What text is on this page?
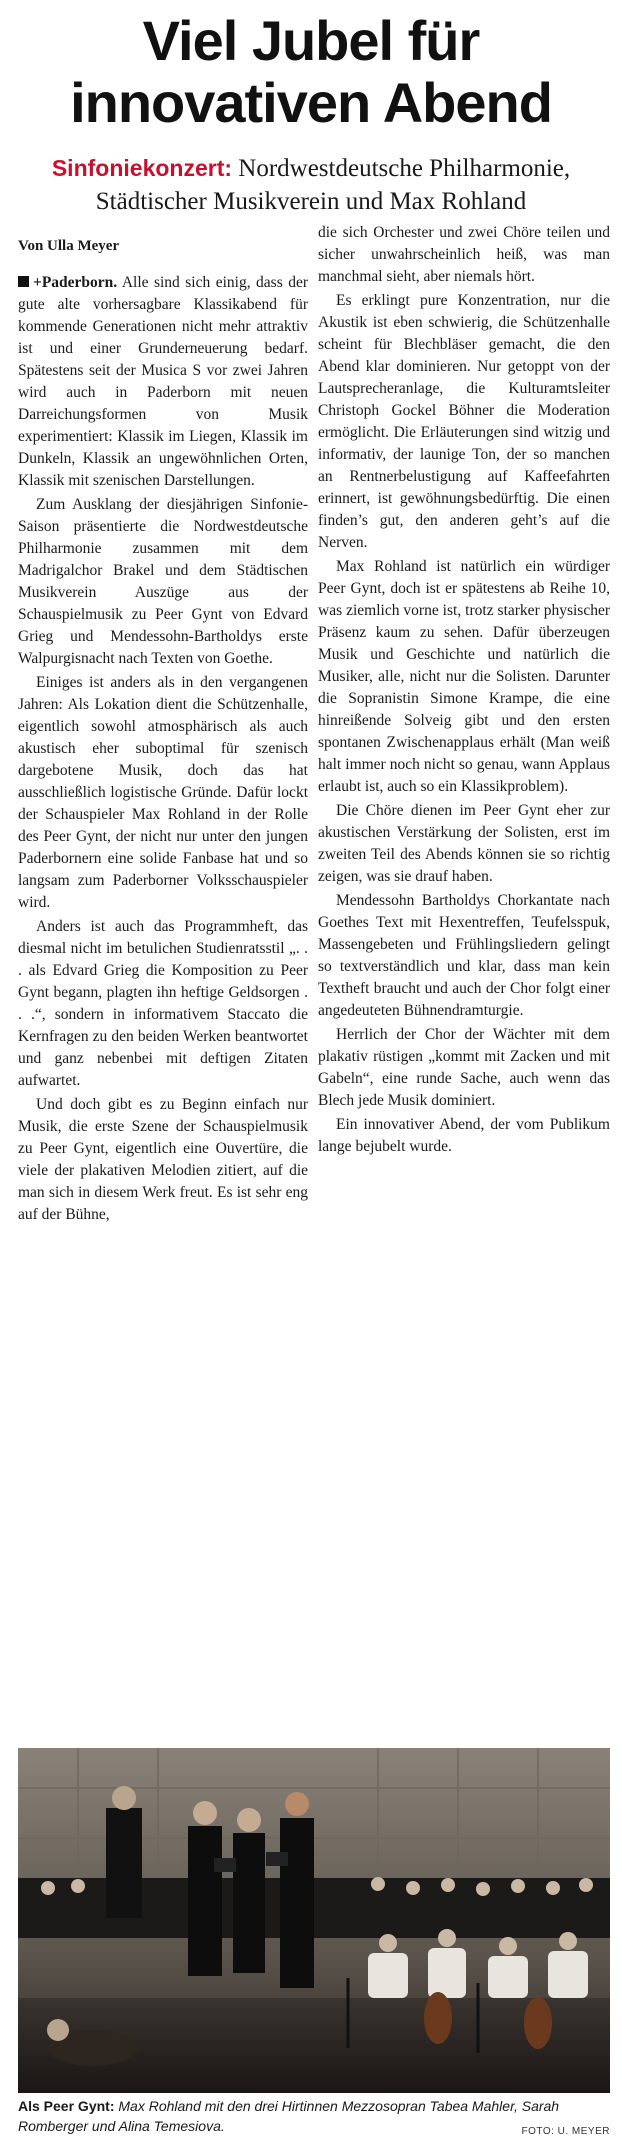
Viel Jubel für innovativen Abend
Sinfoniekonzert: Nordwestdeutsche Philharmonie, Städtischer Musikverein und Max Rohland
Von Ulla Meyer

+Paderborn. Alle sind sich einig, dass der gute alte vorhersagbare Klassikabend für kommende Generationen nicht mehr attraktiv ist und einer Grunderneuerung bedarf. Spätestens seit der Musica S vor zwei Jahren wird auch in Paderborn mit neuen Darreichungsformen von Musik experimentiert: Klassik im Liegen, Klassik im Dunkeln, Klassik an ungewöhnlichen Orten, Klassik mit szenischen Darstellungen.

Zum Ausklang der diesjährigen Sinfonie-Saison präsentierte die Nordwestdeutsche Philharmonie zusammen mit dem Madrigalchor Brakel und dem Städtischen Musikverein Auszüge aus der Schauspielmusik zu Peer Gynt von Edvard Grieg und Mendessohn-Bartholdys erste Walpurgisnacht nach Texten von Goethe.

Einiges ist anders als in den vergangenen Jahren: Als Lokation dient die Schützenhalle, eigentlich sowohl atmosphärisch als auch akustisch eher suboptimal für szenisch dargebotene Musik, doch das hat ausschließlich logistische Gründe. Dafür lockt der Schauspieler Max Rohland in der Rolle des Peer Gynt, der nicht nur unter den jungen Paderbornern eine solide Fanbase hat und so langsam zum Paderborner Volksschauspieler wird.

Anders ist auch das Programmheft, das diesmal nicht im betulichen Studienratsstil „. . . als Edvard Grieg die Komposition zu Peer Gynt begann, plagten ihn heftige Geldsorgen . . .“, sondern in informativem Staccato die Kernfragen zu den beiden Werken beantwortet und ganz nebenbei mit deftigen Zitaten aufwartet.

Und doch gibt es zu Beginn einfach nur Musik, die erste Szene der Schauspielmusik zu Peer Gynt, eigentlich eine Ouvertüre, die viele der plakativen Melodien zitiert, auf die man sich in diesem Werk freut. Es ist sehr eng auf der Bühne,

die sich Orchester und zwei Chöre teilen und sicher unwahrscheinlich heiß, was man manchmal sieht, aber niemals hört.

Es erklingt pure Konzentration, nur die Akustik ist eben schwierig, die Schützenhalle scheint für Blechbläser gemacht, die den Abend klar dominieren. Nur getoppt von der Lautsprecheranlage, die Kulturamtsleiter Christoph Gockel Böhner die Moderation ermöglicht. Die Erläuterungen sind witzig und informativ, der launige Ton, der so manchen an Rentnerbelustigung auf Kaffeefahrten erinnert, ist gewöhnungsbedürftig. Die einen finden’s gut, den anderen geht’s auf die Nerven.

Max Rohland ist natürlich ein würdiger Peer Gynt, doch ist er spätestens ab Reihe 10, was ziemlich vorne ist, trotz starker physischer Präsenz kaum zu sehen. Dafür überzeugen Musik und Geschichte und natürlich die Musiker, alle, nicht nur die Solisten. Darunter die Sopranistin Simone Krampe, die eine hinreißende Solveig gibt und den ersten spontanen Zwischenapplaus erhält (Man weiß halt immer noch nicht so genau, wann Applaus erlaubt ist, auch so ein Klassikproblem).

Die Chöre dienen im Peer Gynt eher zur akustischen Verstärkung der Solisten, erst im zweiten Teil des Abends können sie so richtig zeigen, was sie drauf haben.

Mendessohn Bartholdys Chorkantate nach Goethes Text mit Hexentreffen, Teufelsspuk, Massengebeten und Frühlingsliedern gelingt so textverständlich und klar, dass man kein Textheft braucht und auch der Chor folgt einer angedeuteten Bühnendramturgie.

Herrlich der Chor der Wächter mit dem plakativ rüstigen „kommt mit Zacken und mit Gabeln“, eine runde Sache, auch wenn das Blech jede Musik dominiert.

Ein innovativer Abend, der vom Publikum lange bejubelt wurde.

Als Peer Gynt: Max Rohland mit den drei Hirtinnen Mezzosopran Tabea Mahler, Sarah Romberger und Alina Temesiova.	FOTO: U. MEYER
